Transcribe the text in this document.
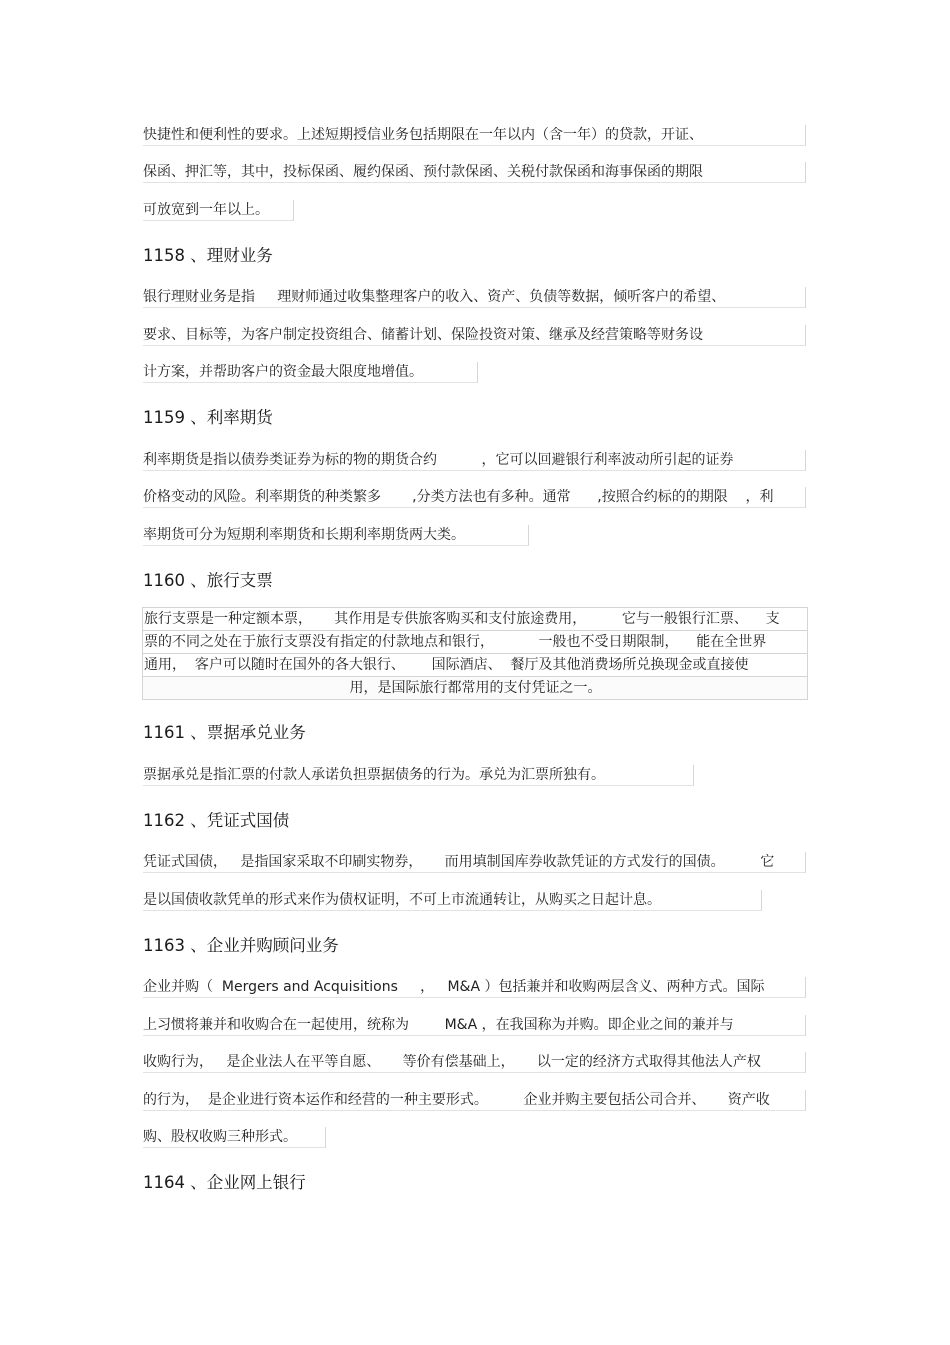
快捷性和便利性的要求。上述短期授信业务包括期限在一年以内（含一年）的贷款，开证、
保函、押汇等，其中，投标保函、履约保函、预付款保函、关税付款保函和海事保函的期限
可放宽到一年以上。
1158 、理财业务
银行理财业务是指     理财师通过收集整理客户的收入、资产、负债等数据，倾听客户的希望、
要求、目标等，为客户制定投资组合、储蓄计划、保险投资对策、继承及经营策略等财务设
计方案，并帮助客户的资金最大限度地增值。
1159 、利率期货
利率期货是指以债券类证券为标的物的期货合约          ，它可以回避银行利率波动所引起的证券
价格变动的风险。利率期货的种类繁多       ,分类方法也有多种。通常      ,按照合约标的的期限    ，利
率期货可分为短期利率期货和长期利率期货两大类。
1160 、旅行支票
旅行支票是一种定额本票，     其作用是专供旅客购买和支付旅途费用，        它与一般银行汇票、    支
票的不同之处在于旅行支票没有指定的付款地点和银行，          一般也不受日期限制，    能在全世界
通用，  客户可以随时在国外的各大银行、      国际酒店、  餐厅及其他消费场所兑换现金或直接使
用，是国际旅行都常用的支付凭证之一。
1161 、票据承兑业务
票据承兑是指汇票的付款人承诺负担票据债务的行为。承兑为汇票所独有。
1162 、凭证式国债
凭证式国债，   是指国家采取不印刷实物券，     而用填制国库券收款凭证的方式发行的国债。        它
是以国债收款凭单的形式来作为债权证明，不可上市流通转让，从购买之日起计息。
1163 、企业并购顾问业务
企业并购（  Mergers and Acquisitions     ，   M&A ）包括兼并和收购两层含义、两种方式。国际
上习惯将兼并和收购合在一起使用，统称为        M&A ，在我国称为并购。即企业之间的兼并与
收购行为，   是企业法人在平等自愿、     等价有偿基础上，     以一定的经济方式取得其他法人产权
的行为，  是企业进行资本运作和经营的一种主要形式。        企业并购主要包括公司合并、     资产收
购、股权收购三种形式。
1164 、企业网上银行
